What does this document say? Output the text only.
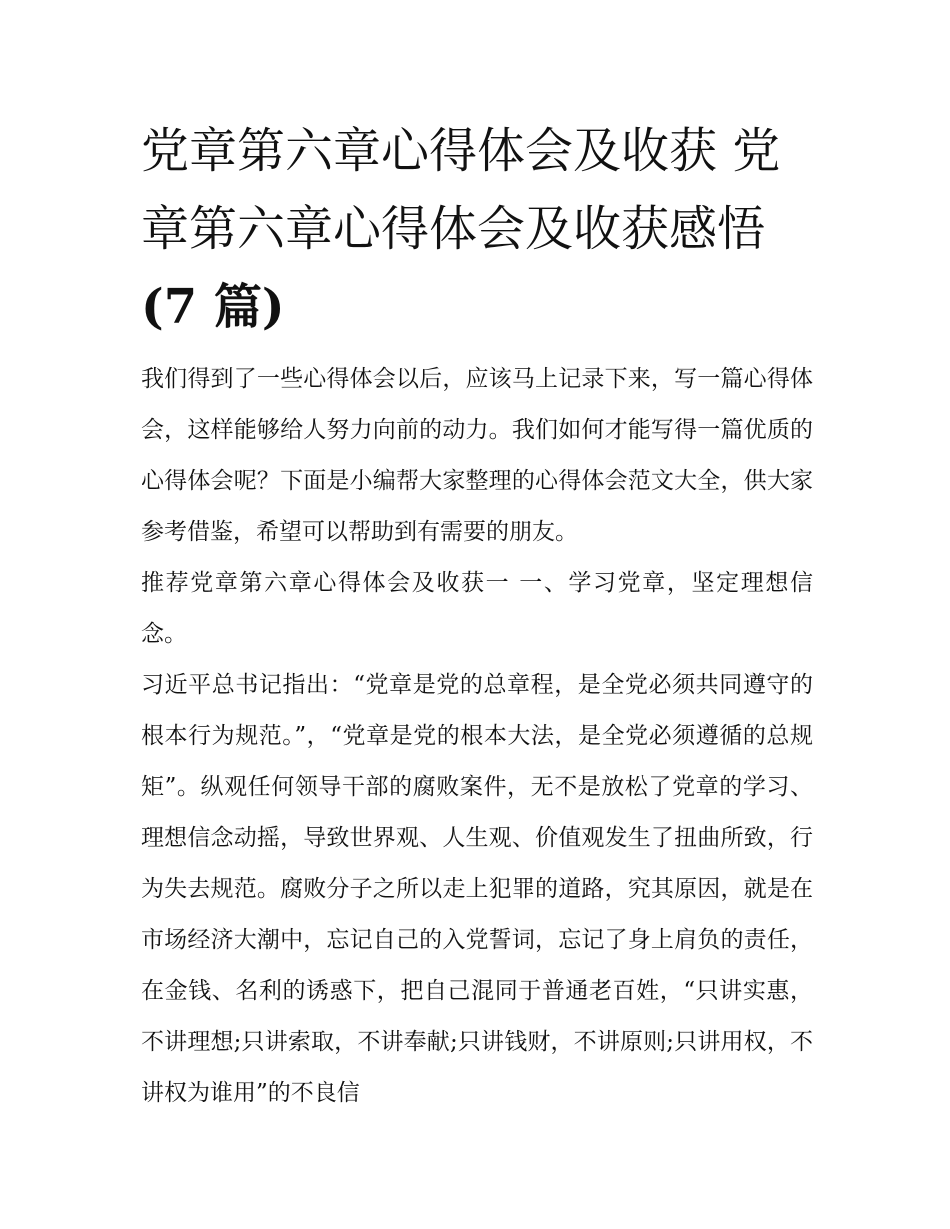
党章第六章心得体会及收获 党章第六章心得体会及收获感悟
(7 篇)

我们得到了一些心得体会以后，应该马上记录下来，写一篇心得体会，这样能够给人努力向前的动力。我们如何才能写得一篇优质的心得体会呢？下面是小编帮大家整理的心得体会范文大全，供大家参考借鉴，希望可以帮助到有需要的朋友。

推荐党章第六章心得体会及收获一 一、学习党章，坚定理想信念。

习近平总书记指出：“党章是党的总章程，是全党必须共同遵守的根本行为规范。”，“党章是党的根本大法，是全党必须遵循的总规矩”。纵观任何领导干部的腐败案件，无不是放松了党章的学习、理想信念动摇，导致世界观、人生观、价值观发生了扭曲所致，行为失去规范。腐败分子之所以走上犯罪的道路，究其原因，就是在市场经济大潮中，忘记自己的入党誓词，忘记了身上肩负的责任，在金钱、名利的诱惑下，把自己混同于普通老百姓，“只讲实惠，不讲理想;只讲索取，不讲奉献;只讲钱财，不讲原则;只讲用权，不讲权为谁用”的不良信
